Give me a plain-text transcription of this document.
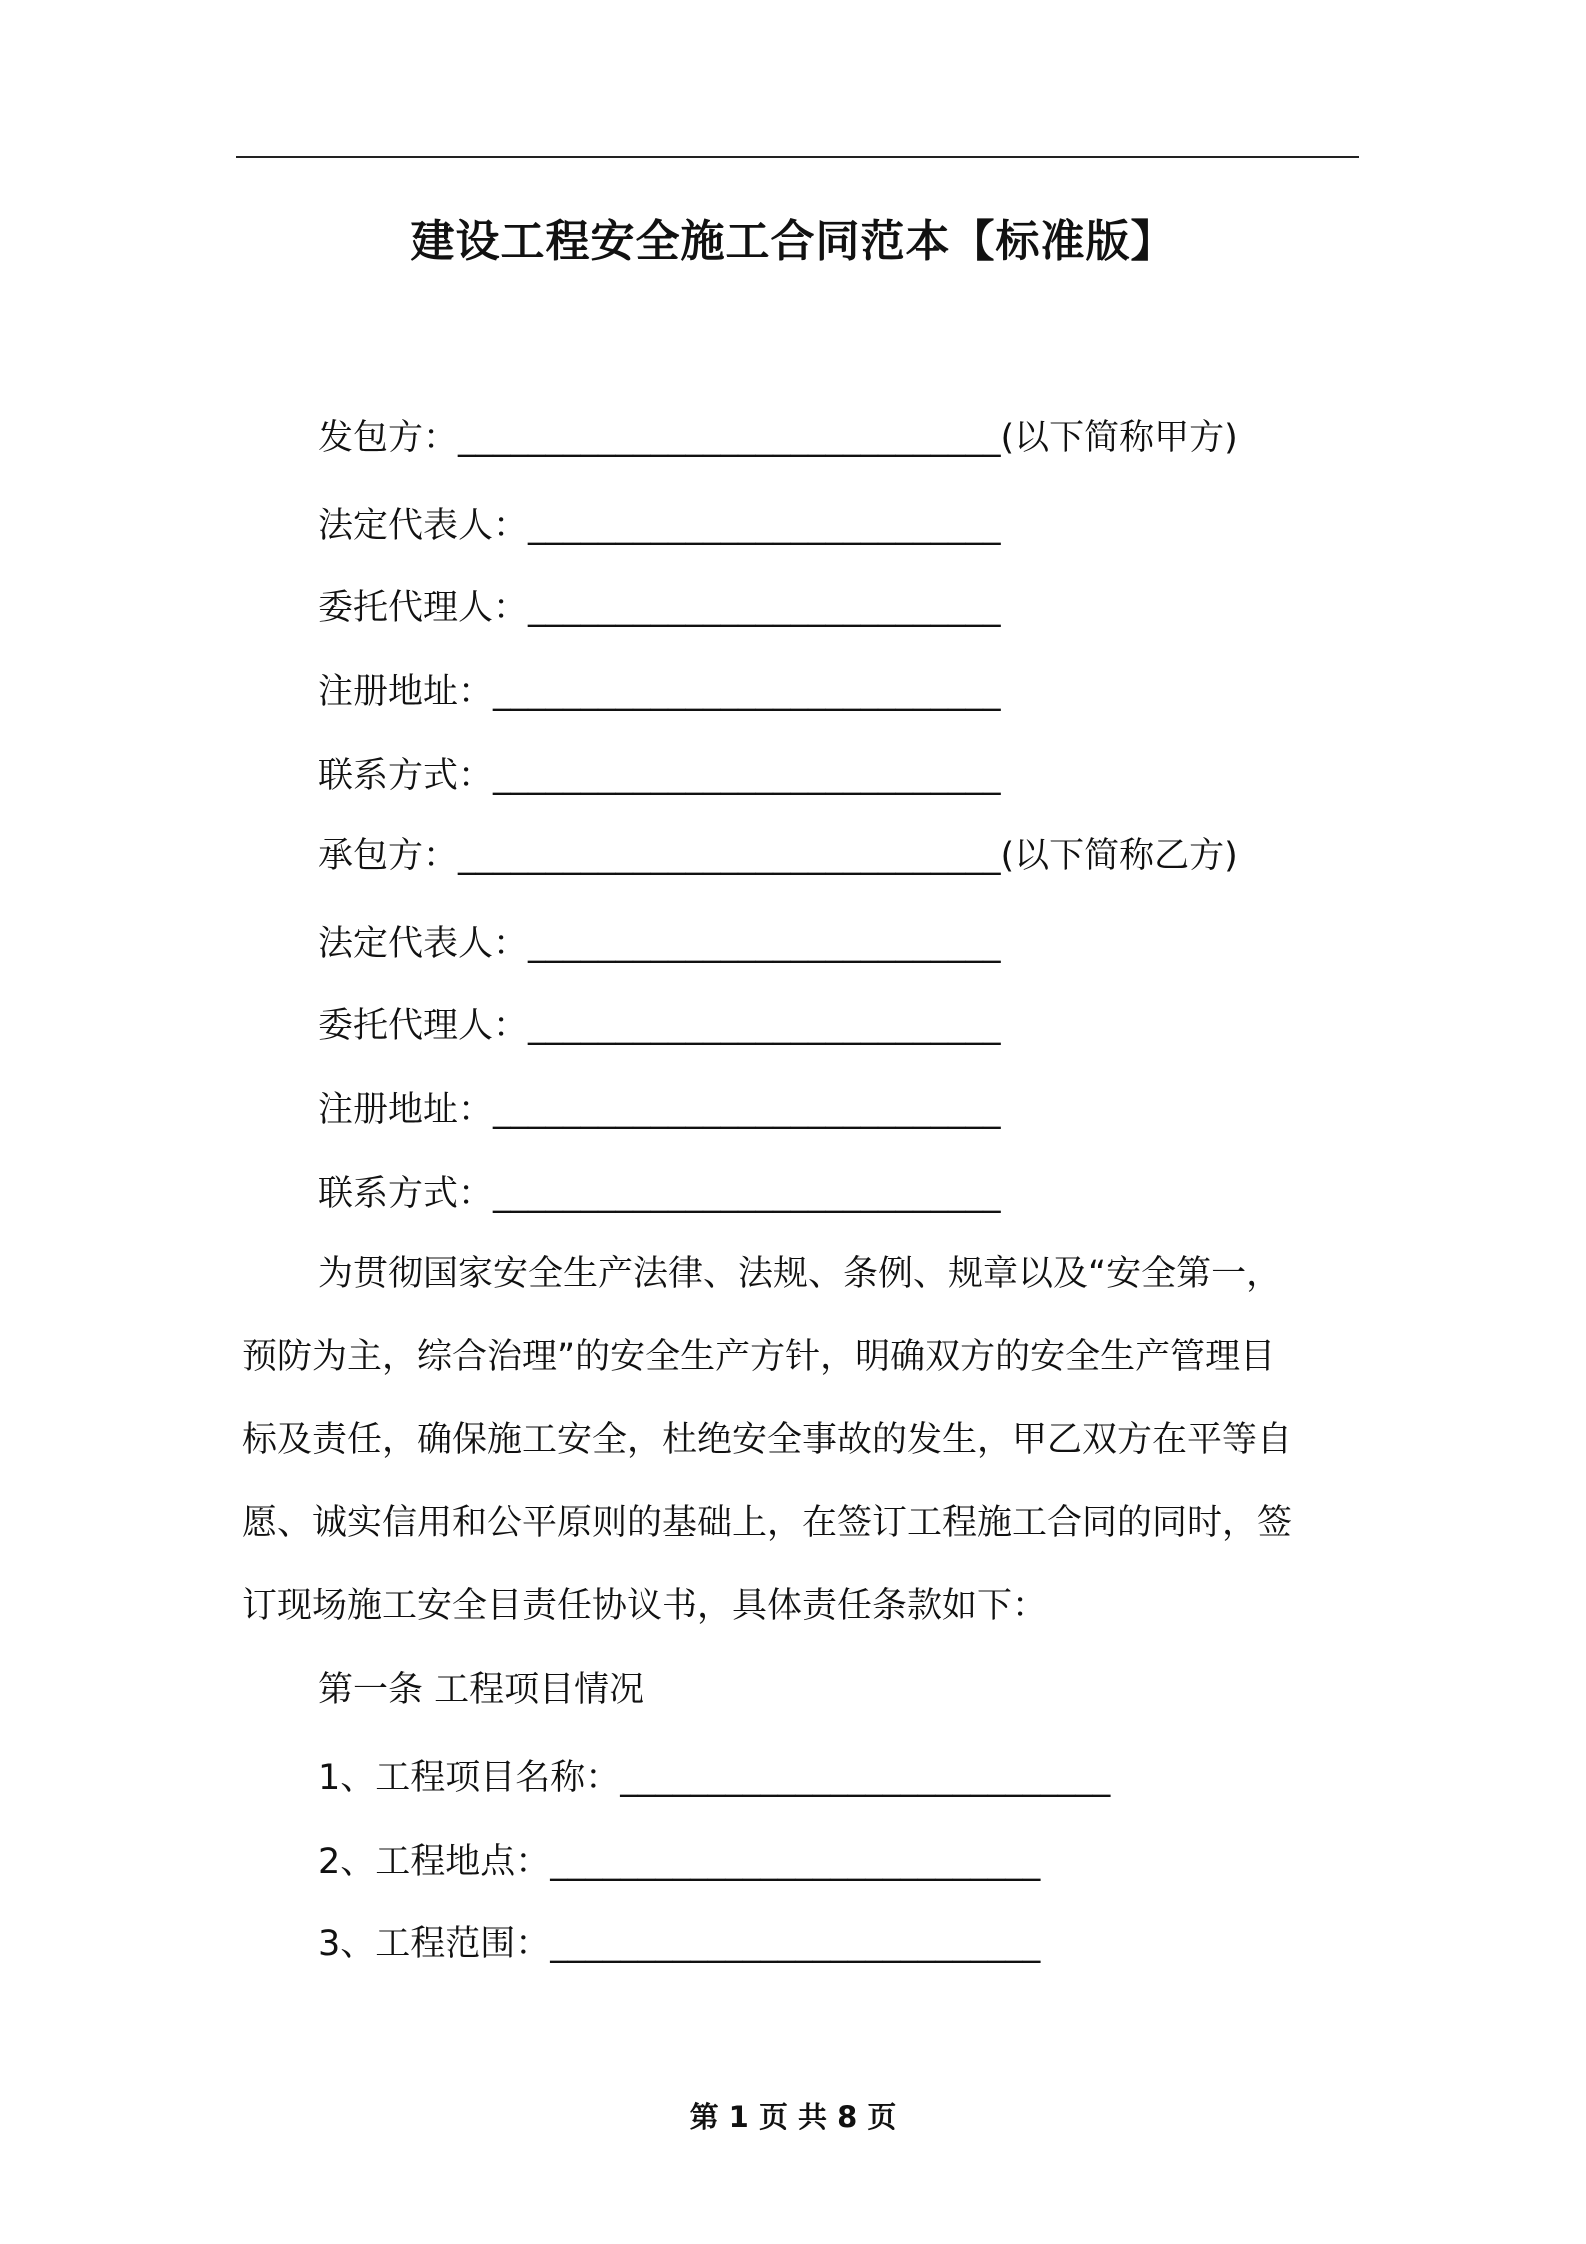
建设工程安全施工合同范本【标准版】
发包方：_______________________________(以下简称甲方)
法定代表人：___________________________
委托代理人：___________________________
注册地址：_____________________________
联系方式：_____________________________
承包方：_______________________________(以下简称乙方)
法定代表人：___________________________
委托代理人：___________________________
注册地址：_____________________________
联系方式：_____________________________
为贯彻国家安全生产法律、法规、条例、规章以及“安全第一，
预防为主，综合治理”的安全生产方针，明确双方的安全生产管理目
标及责任，确保施工安全，杜绝安全事故的发生，甲乙双方在平等自
愿、诚实信用和公平原则的基础上，在签订工程施工合同的同时，签
订现场施工安全目责任协议书，具体责任条款如下：
第一条 工程项目情况
1、工程项目名称：____________________________
2、工程地点：____________________________
3、工程范围：____________________________
第 1 页 共 8 页
